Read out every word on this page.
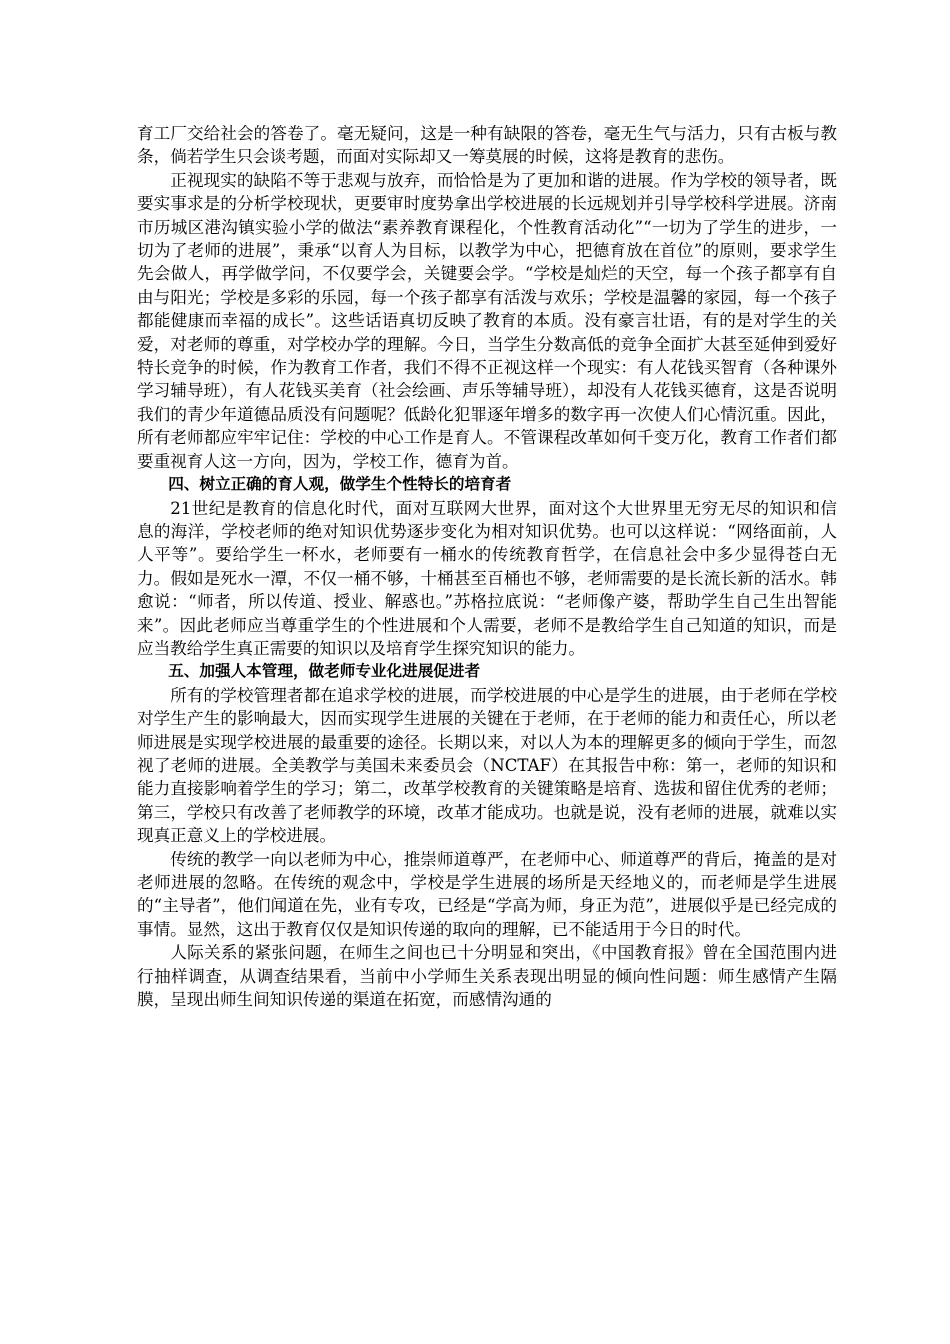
育工厂交给社会的答卷了。毫无疑问，这是一种有缺限的答卷，毫无生气与活力，只有古板与教条，倘若学生只会谈考题，而面对实际却又一筹莫展的时候，这将是教育的悲伤。

正视现实的缺陷不等于悲观与放弃，而恰恰是为了更加和谐的进展。作为学校的领导者，既要实事求是的分析学校现状，更要审时度势拿出学校进展的长远规划并引导学校科学进展。济南市历城区港沟镇实验小学的做法“素养教育课程化，个性教育活动化”“一切为了学生的进步，一切为了老师的进展”，秉承“以育人为目标，以教学为中心，把德育放在首位”的原则，要求学生先会做人，再学做学问，不仅要学会，关键要会学。“学校是灿烂的天空，每一个孩子都享有自由与阳光；学校是多彩的乐园，每一个孩子都享有活泼与欢乐；学校是温馨的家园，每一个孩子都能健康而幸福的成长”。这些话语真切反映了教育的本质。没有豪言壮语，有的是对学生的关爱，对老师的尊重，对学校办学的理解。今日，当学生分数高低的竞争全面扩大甚至延伸到爱好特长竞争的时候，作为教育工作者，我们不得不正视这样一个现实：有人花钱买智育（各种课外学习辅导班），有人花钱买美育（社会绘画、声乐等辅导班），却没有人花钱买德育，这是否说明我们的青少年道德品质没有问题呢？低龄化犯罪逐年增多的数字再一次使人们心情沉重。因此，所有老师都应牢牢记住：学校的中心工作是育人。不管课程改革如何千变万化，教育工作者们都要重视育人这一方向，因为，学校工作，德育为首。

四、树立正确的育人观，做学生个性特长的培育者

21世纪是教育的信息化时代，面对互联网大世界，面对这个大世界里无穷无尽的知识和信息的海洋，学校老师的绝对知识优势逐步变化为相对知识优势。也可以这样说：“网络面前，人人平等”。要给学生一杯水，老师要有一桶水的传统教育哲学，在信息社会中多少显得苍白无力。假如是死水一潭，不仅一桶不够，十桶甚至百桶也不够，老师需要的是长流长新的活水。韩愈说：“师者，所以传道、授业、解惑也。”苏格拉底说：“老师像产婆，帮助学生自己生出智能来”。因此老师应当尊重学生的个性进展和个人需要，老师不是教给学生自己知道的知识，而是应当教给学生真正需要的知识以及培育学生探究知识的能力。

五、加强人本管理，做老师专业化进展促进者

所有的学校管理者都在追求学校的进展，而学校进展的中心是学生的进展，由于老师在学校对学生产生的影响最大，因而实现学生进展的关键在于老师，在于老师的能力和责任心，所以老师进展是实现学校进展的最重要的途径。长期以来，对以人为本的理解更多的倾向于学生，而忽视了老师的进展。全美教学与美国未来委员会（NCTAF）在其报告中称：第一，老师的知识和能力直接影响着学生的学习；第二，改革学校教育的关键策略是培育、选拔和留住优秀的老师；第三，学校只有改善了老师教学的环境，改革才能成功。也就是说，没有老师的进展，就难以实现真正意义上的学校进展。

传统的教学一向以老师为中心，推崇师道尊严，在老师中心、师道尊严的背后，掩盖的是对老师进展的忽略。在传统的观念中，学校是学生进展的场所是天经地义的，而老师是学生进展的“主导者”，他们闻道在先，业有专攻，已经是“学高为师，身正为范”，进展似乎是已经完成的事情。显然，这出于教育仅仅是知识传递的取向的理解，已不能适用于今日的时代。

人际关系的紧张问题，在师生之间也已十分明显和突出，《中国教育报》曾在全国范围内进行抽样调查，从调查结果看，当前中小学师生关系表现出明显的倾向性问题：师生感情产生隔膜，呈现出师生间知识传递的渠道在拓宽，而感情沟通的
